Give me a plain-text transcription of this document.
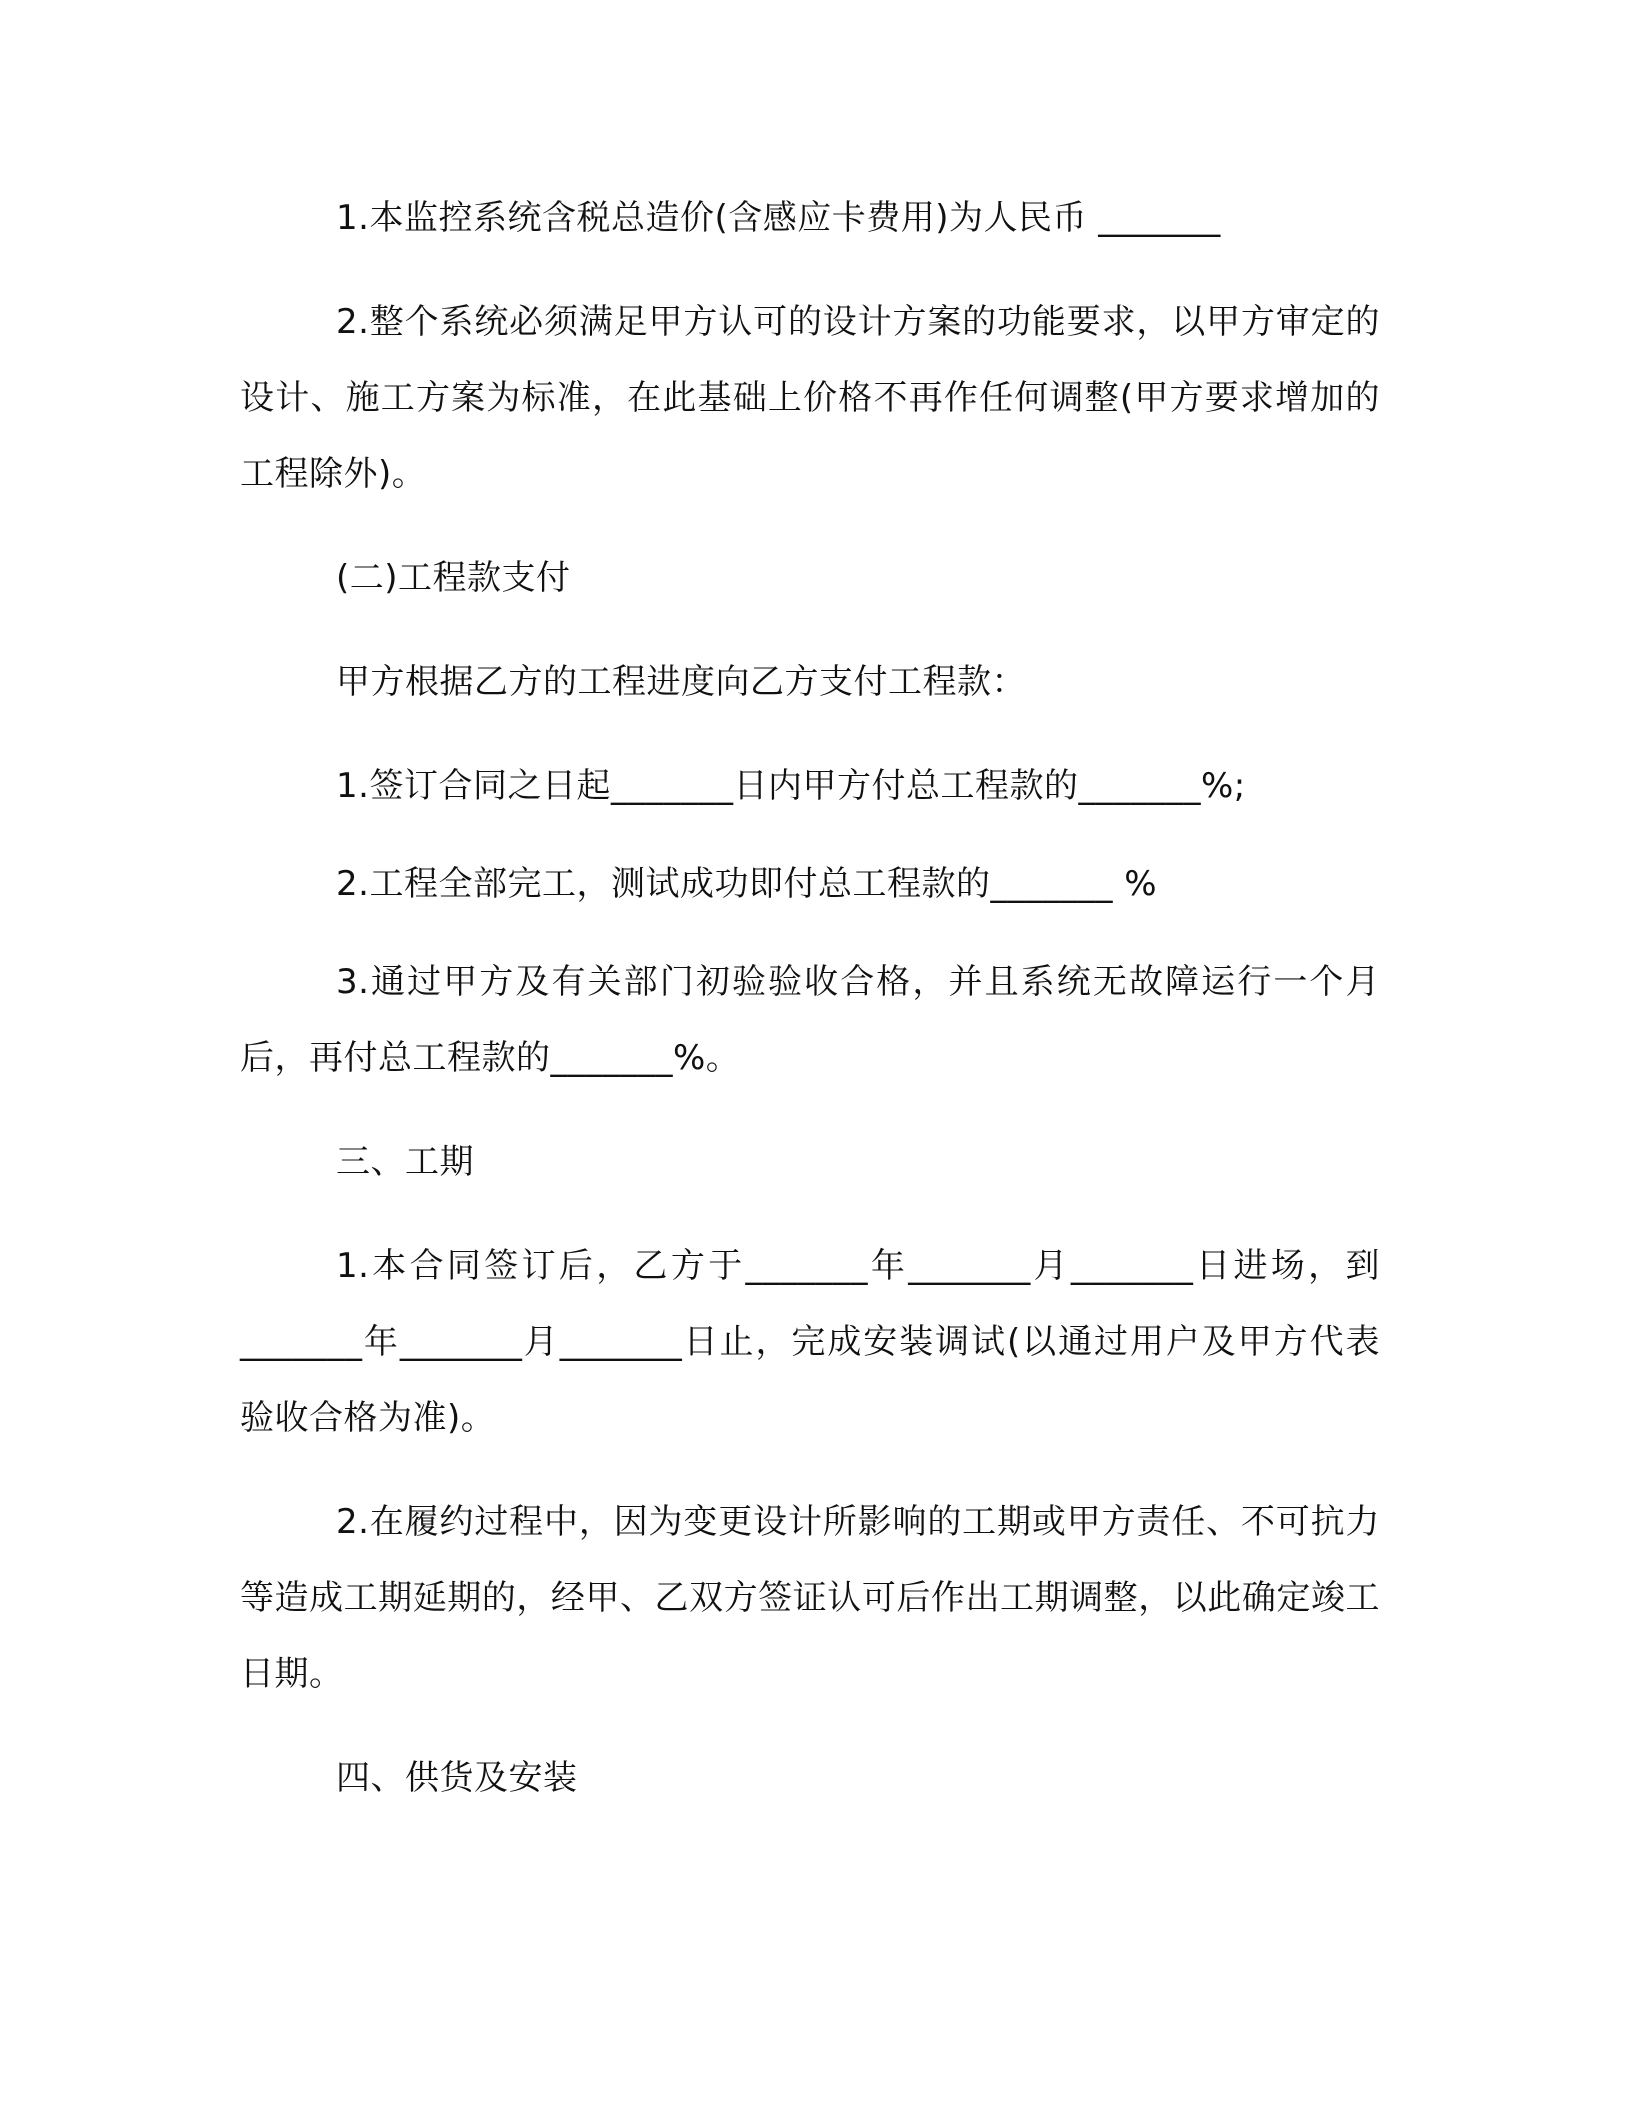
1.本监控系统含税总造价(含感应卡费用)为人民币 _______

2.整个系统必须满足甲方认可的设计方案的功能要求，以甲方审定的设计、施工方案为标准，在此基础上价格不再作任何调整(甲方要求增加的工程除外)。

(二)工程款支付

甲方根据乙方的工程进度向乙方支付工程款：

1.签订合同之日起_______日内甲方付总工程款的_______%;

2.工程全部完工，测试成功即付总工程款的_______ %

3.通过甲方及有关部门初验验收合格，并且系统无故障运行一个月后，再付总工程款的_______%。

三、工期

1.本合同签订后，乙方于_______年_______月_______日进场，到_______年_______月_______日止，完成安装调试(以通过用户及甲方代表验收合格为准)。

2.在履约过程中，因为变更设计所影响的工期或甲方责任、不可抗力等造成工期延期的，经甲、乙双方签证认可后作出工期调整，以此确定竣工日期。

四、供货及安装
